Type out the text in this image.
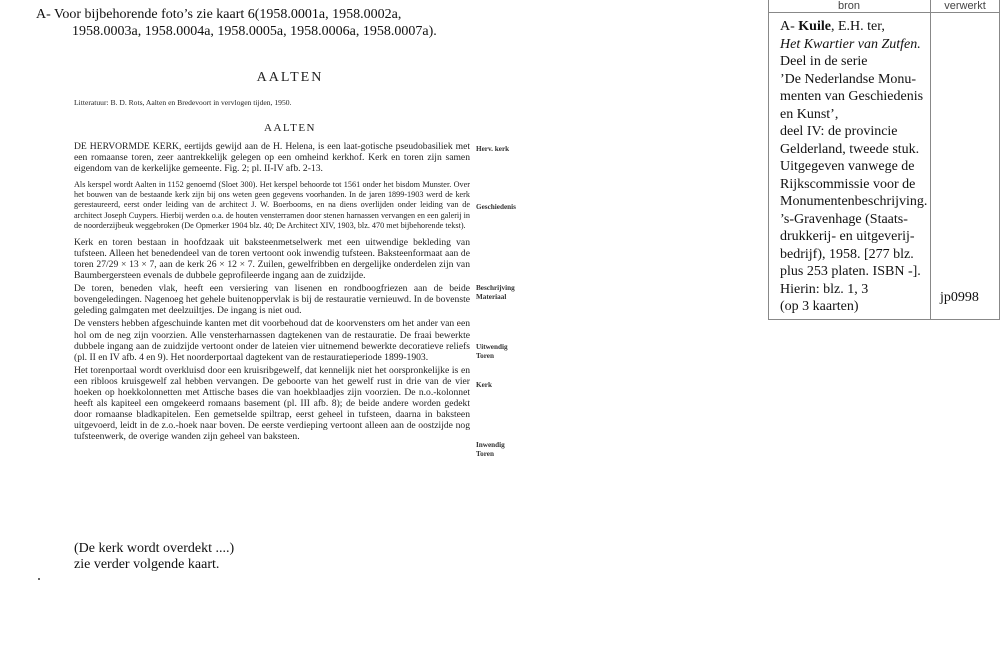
A- Voor bijbehorende foto’s zie kaart 6(1958.0001a, 1958.0002a,
1958.0003a, 1958.0004a, 1958.0005a, 1958.0006a, 1958.0007a).
AALTEN
Litteratuur: B. D. Rots, Aalten en Bredevoort in vervlogen tijden, 1950.
AALTEN

DE HERVORMDE KERK, eertijds gewijd aan de H. Helena, is een laat-gotische pseudobasiliek met een romaanse toren, zeer aantrekkelijk gelegen op een omheind kerkhof. Kerk en toren zijn samen eigendom van de kerkelijke gemeente. Fig. 2; pl. II-IV afb. 2-13.

Als kerspel wordt Aalten in 1152 genoemd (Sloet 300). Het kerspel behoorde tot 1561 onder het bisdom Munster. Over het bouwen van de bestaande kerk zijn bij ons weten geen gegevens voorhanden. In de jaren 1899-1903 werd de kerk gerestaureerd, eerst onder leiding van de architect J. W. Boerbooms, en na diens overlijden onder leiding van de architect Joseph Cuypers. Hierbij werden o.a. de houten vensterramen door stenen harnassen vervangen en een galerij in de noorderzijbeuk weggebroken (De Opmerker 1904 blz. 40; De Architect XIV, 1903, blz. 470 met bijbehorende tekst).

Kerk en toren bestaan in hoofdzaak uit baksteenmetselwerk met een uitwendige bekleding van tufsteen. Alleen het benedendeel van de toren vertoont ook inwendig tufsteen. Baksteenformaat aan de toren 27/29 × 13 × 7, aan de kerk 26 × 12 × 7. Zuilen, gewelfribben en dergelijke onderdelen zijn van Baumbergersteen evenals de dubbele geprofileerde ingang aan de zuidzijde.

De toren, beneden vlak, heeft een versiering van lisenen en rondboogfriezen aan de beide bovengeledingen. Nagenoeg het gehele buitenoppervlak is bij de restauratie vernieuwd. In de bovenste geleding galmgaten met deelzuiltjes. De ingang is niet oud.

De vensters hebben afgeschuinde kanten met dit voorbehoud dat de koorvensters om het ander van een hol om de neg zijn voorzien. Alle vensterharnassen dagtekenen van de restauratie. De fraai bewerkte dubbele ingang aan de zuidzijde vertoont onder de lateien vier uitnemend bewerkte decoratieve reliefs (pl. II en IV afb. 4 en 9). Het noorderportaal dagtekent van de restauratieperiode 1899-1903.

Het torenportaal wordt overkluisd door een kruisribgewelf, dat kennelijk niet het oorspronkelijke is en een ribloos kruisgewelf zal hebben vervangen. De geboorte van het gewelf rust in drie van de vier hoeken op hoekkolonnetten met Attische bases die van hoekblaadjes zijn voorzien. De n.o.-kolonnet heeft als kapiteel een omgekeerd romaans basement (pl. III afb. 8); de beide andere worden gedekt door romaanse bladkapitelen. Een gemetselde spiltrap, eerst geheel in tufsteen, daarna in baksteen uitgevoerd, leidt in de z.o.-hoek naar boven. De eerste verdieping vertoont alleen aan de oostzijde nog tufsteenwerk, de overige wanden zijn geheel van baksteen.

Herv. kerk
Geschiedenis
Beschrijving
Materiaal
Uitwendig
Toren
Kerk
Inwendig
Toren
(De kerk wordt overdekt ....)
zie verder volgende kaart.
bron	verwerkt
A- Kuile, E.H. ter,
Het Kwartier van Zutfen.
Deel in de serie
’De Nederlandse Monu-
menten van Geschiedenis
en Kunst’,
deel IV: de provincie
Gelderland, tweede stuk.
Uitgegeven vanwege de
Rijkscommissie voor de
Monumentenbeschrijving.
’s-Gravenhage (Staats-
drukkerij- en uitgeverij-
bedrijf), 1958. [277 blz.
plus 253 platen. ISBN -].
Hierin: blz. 1, 3
(op 3 kaarten)
jp0998
